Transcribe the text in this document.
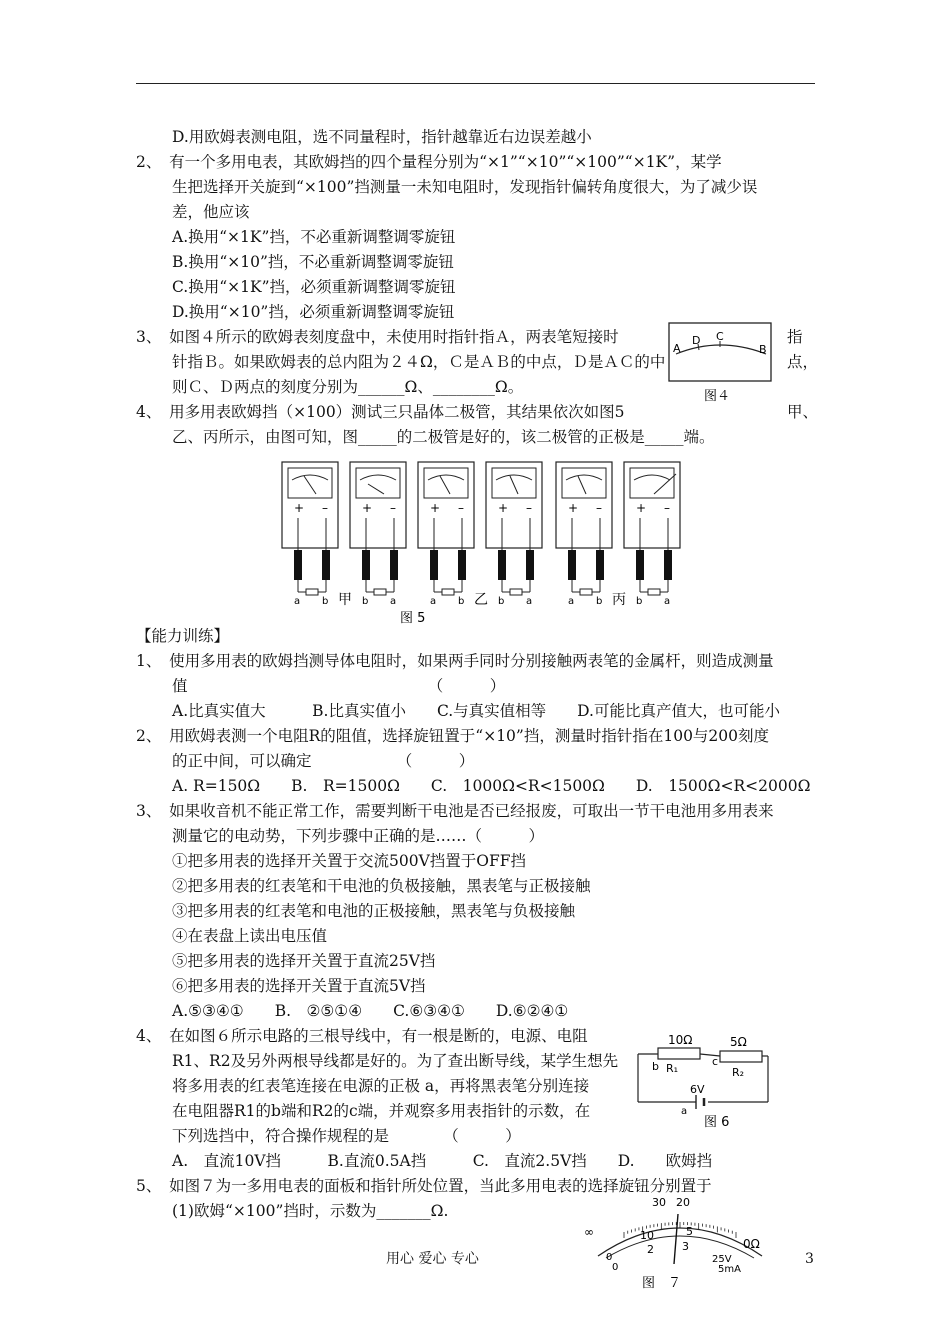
D.用欧姆表测电阻，选不同量程时，指针越靠近右边误差越小
2、　有一个多用电表，其欧姆挡的四个量程分别为“×1”“×10”“×100”“×1K”，某学
生把选择开关旋到“×100”挡测量一未知电阻时，发现指针偏转角度很大，为了减少误
差，他应该
A.换用“×1K”挡，不必重新调整调零旋钮
B.换用“×10”挡，不必重新调整调零旋钮
C.换用“×1K”挡，必须重新调整调零旋钮
D.换用“×10”挡，必须重新调整调零旋钮
3、　如图４所示的欧姆表刻度盘中，未使用时指针指Ａ，两表笔短接时	指
针指Ｂ。如果欧姆表的总内阻为２４Ω，Ｃ是ＡＢ的中点，Ｄ是ＡＣ的中	点，
则Ｃ、Ｄ两点的刻度分别为______Ω、________Ω。
4、　用多用表欧姆挡（×100）测试三只晶体二极管，其结果依次如图5	甲、
乙、丙所示，由图可知，图_____的二极管是好的，该二极管的正极是_____端。
【能力训练】
1、　使用多用表的欧姆挡测导体电阻时，如果两手同时分别接触两表笔的金属杆，则造成测量
值　　　　　　　　　　　　　　　　（　　　）
A.比真实值大　　　B.比真实值小　　C.与真实值相等　　D.可能比真产值大，也可能小
2、　用欧姆表测一个电阻R的阻值，选择旋钮置于“×10”挡，测量时指针指在100与200刻度
的正中间，可以确定　　　　　　（　　　）
A. R=150Ω　　B.　R=1500Ω　　C.　1000Ω<R<1500Ω　　D.　1500Ω<R<2000Ω
3、　如果收音机不能正常工作，需要判断干电池是否已经报废，可取出一节干电池用多用表来
测量它的电动势，下列步骤中正确的是……（　　　）
①把多用表的选择开关置于交流500V挡置于OFF挡
②把多用表的红表笔和干电池的负极接触，黑表笔与正极接触
③把多用表的红表笔和电池的正极接触，黑表笔与负极接触
④在表盘上读出电压值
⑤把多用表的选择开关置于直流25V挡
⑥把多用表的选择开关置于直流5V挡
A.⑤③④①　　B.　②⑤①④　　C.⑥③④①　　D.⑥②④①
4、　在如图６所示电路的三根导线中，有一根是断的，电源、电阻
R1、R2及另外两根导线都是好的。为了查出断导线，某学生想先
将多用表的红表笔连接在电源的正极 a，再将黑表笔分别连接
在电阻器R1的b端和R2的c端，并观察多用表指针的示数，在
下列选挡中，符合操作规程的是　　　　（　　　）
A.　直流10V挡　　　B.直流0.5A挡　　　C.　直流2.5V挡　　D.　　欧姆挡
5、　如图７为一多用电表的面板和指针所处位置，当此多用电表的选择旋钮分别置于
(1)欧姆“×100”挡时，示数为_______Ω.
A
D C
B
图４
+ –
a b 甲
+ –
b a
+ –
a b 乙
+ –
b a
+ –
a b 丙
+ –
b a
图 5
10Ω	5Ω
b R₁
c
R₂
6V
a
图 6
30 20
10	5
2	3
∞
0Ω
0
0
25V
5mA
图　７
用心 爱心 专心	3
